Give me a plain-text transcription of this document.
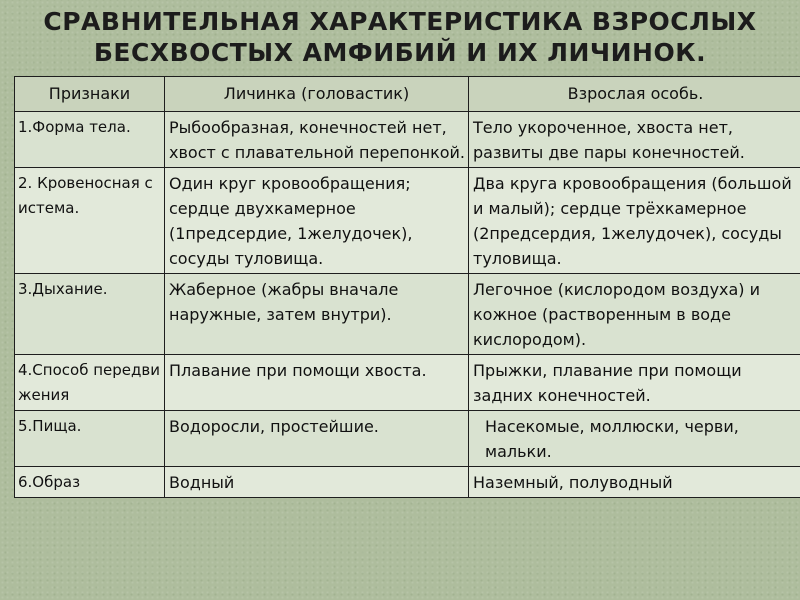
СРАВНИТЕЛЬНАЯ ХАРАКТЕРИСТИКА ВЗРОСЛЫХ
БЕСХВОСТЫХ АМФИБИЙ И ИХ ЛИЧИНОК.
Признаки	Личинка (головастик)	Взрослая особь.
1.Форма тела.	Рыбообразная, конечностей нет, хвост с плавательной перепонкой.	Тело укороченное, хвоста нет, развиты две пары конечностей.
2. Кровеносная система.	Один круг кровообращения; сердце двухкамерное (1предсердие, 1желудочек), сосуды туловища.	Два круга кровообращения (большой и малый); сердце трёхкамерное (2предсердия, 1желудочек), сосуды туловища.
3.Дыхание.	Жаберное (жабры вначале наружные, затем внутри).	Легочное (кислородом воздуха) и кожное (растворенным в воде кислородом).
4.Способ передвижения	Плавание при помощи хвоста.	Прыжки, плавание при помощи задних конечностей.
5.Пища.	Водоросли, простейшие.	Насекомые, моллюски, черви, мальки.
6.Образ	Водный	Наземный, полуводный
